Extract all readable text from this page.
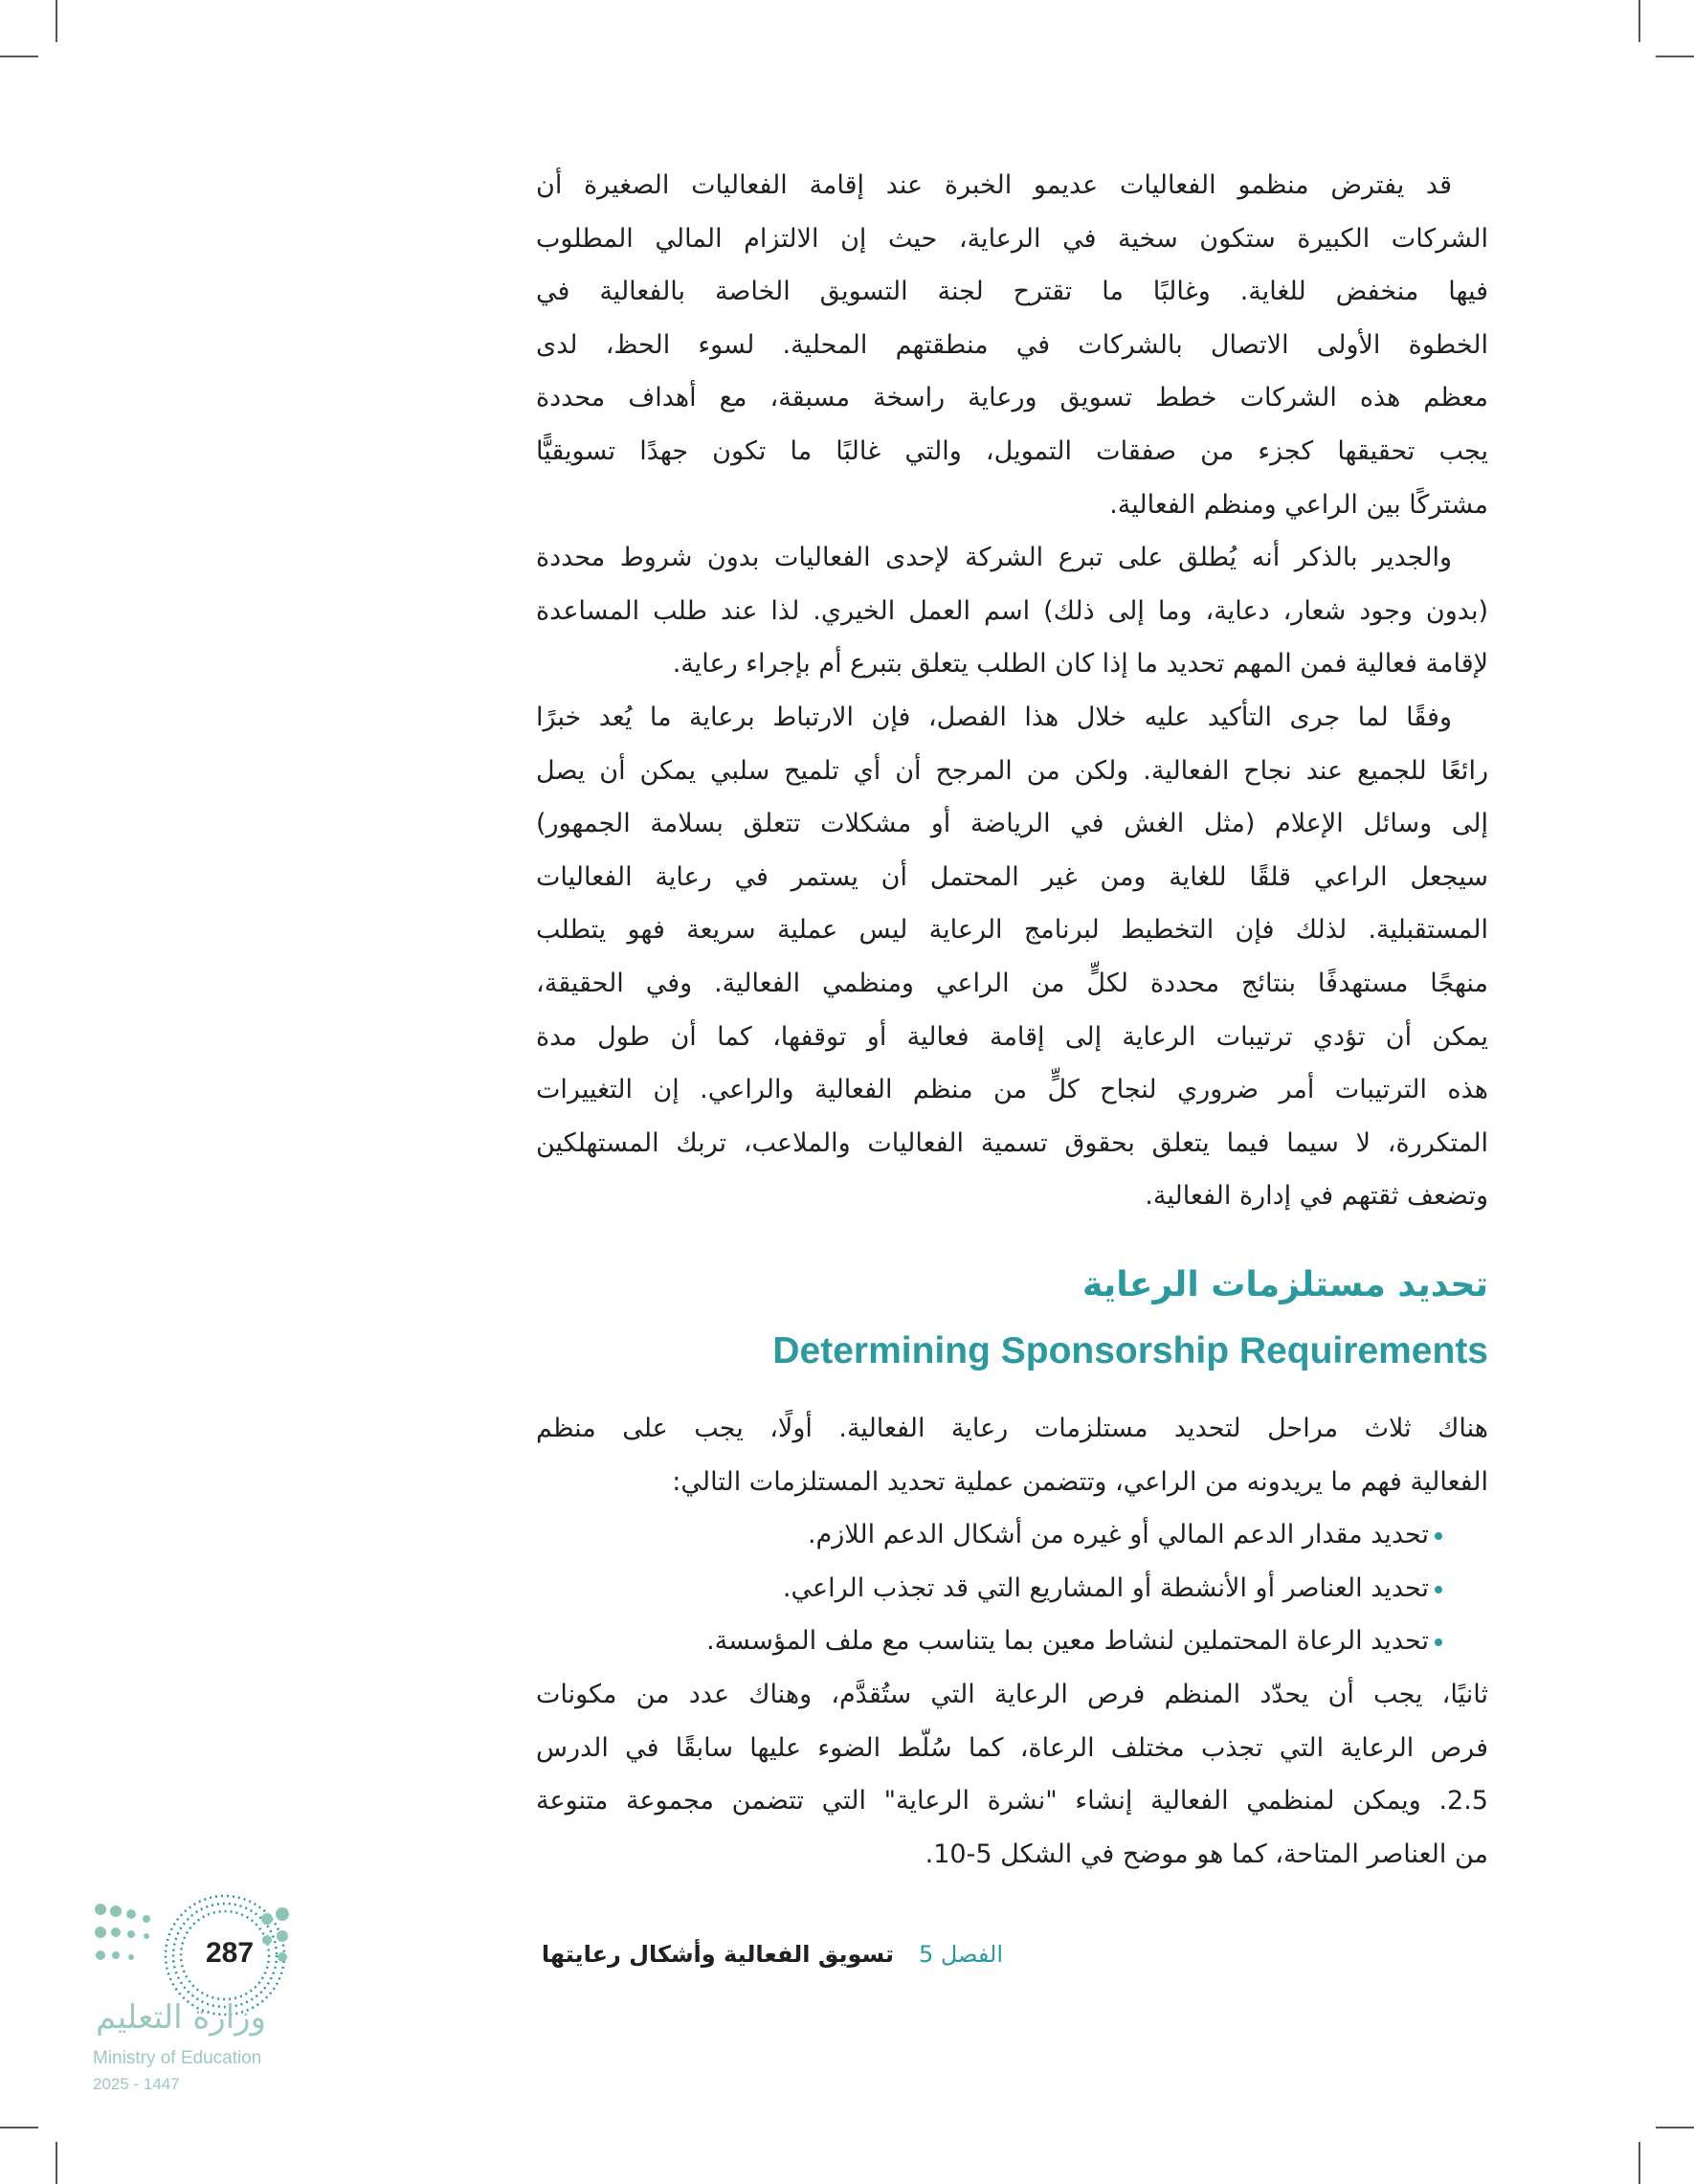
قد يفترض منظمو الفعاليات عديمو الخبرة عند إقامة الفعاليات الصغيرة أن
الشركات الكبيرة ستكون سخية في الرعاية، حيث إن الالتزام المالي المطلوب
فيها منخفض للغاية. وغالبًا ما تقترح لجنة التسويق الخاصة بالفعالية في
الخطوة الأولى الاتصال بالشركات في منطقتهم المحلية. لسوء الحظ، لدى
معظم هذه الشركات خطط تسويق ورعاية راسخة مسبقة، مع أهداف محددة
يجب تحقيقها كجزء من صفقات التمويل، والتي غالبًا ما تكون جهدًا تسويقيًّا
مشتركًا بين الراعي ومنظم الفعالية.
والجدير بالذكر أنه يُطلق على تبرع الشركة لإحدى الفعاليات بدون شروط محددة
(بدون وجود شعار، دعاية، وما إلى ذلك) اسم العمل الخيري. لذا عند طلب المساعدة
لإقامة فعالية فمن المهم تحديد ما إذا كان الطلب يتعلق بتبرع أم بإجراء رعاية.
وفقًا لما جرى التأكيد عليه خلال هذا الفصل، فإن الارتباط برعاية ما يُعد خبرًا
رائعًا للجميع عند نجاح الفعالية. ولكن من المرجح أن أي تلميح سلبي يمكن أن يصل
إلى وسائل الإعلام (مثل الغش في الرياضة أو مشكلات تتعلق بسلامة الجمهور)
سيجعل الراعي قلقًا للغاية ومن غير المحتمل أن يستمر في رعاية الفعاليات
المستقبلية. لذلك فإن التخطيط لبرنامج الرعاية ليس عملية سريعة فهو يتطلب
منهجًا مستهدفًا بنتائج محددة لكلٍّ من الراعي ومنظمي الفعالية. وفي الحقيقة،
يمكن أن تؤدي ترتيبات الرعاية إلى إقامة فعالية أو توقفها، كما أن طول مدة
هذه الترتيبات أمر ضروري لنجاح كلٍّ من منظم الفعالية والراعي. إن التغييرات
المتكررة، لا سيما فيما يتعلق بحقوق تسمية الفعاليات والملاعب، تربك المستهلكين
وتضعف ثقتهم في إدارة الفعالية.
تحديد مستلزمات الرعاية
Determining Sponsorship Requirements
هناك ثلاث مراحل لتحديد مستلزمات رعاية الفعالية. أولًا، يجب على منظم
الفعالية فهم ما يريدونه من الراعي، وتتضمن عملية تحديد المستلزمات التالي:
تحديد مقدار الدعم المالي أو غيره من أشكال الدعم اللازم.
تحديد العناصر أو الأنشطة أو المشاريع التي قد تجذب الراعي.
تحديد الرعاة المحتملين لنشاط معين بما يتناسب مع ملف المؤسسة.
ثانيًا، يجب أن يحدّد المنظم فرص الرعاية التي ستُقدَّم، وهناك عدد من مكونات
فرص الرعاية التي تجذب مختلف الرعاة، كما سُلّط الضوء عليها سابقًا في الدرس
2.5. ويمكن لمنظمي الفعالية إنشاء "نشرة الرعاية" التي تتضمن مجموعة متنوعة
من العناصر المتاحة، كما هو موضح في الشكل 5-10.
الفصل 5تسويق الفعالية وأشكال رعايتها
287
وزارة التعليم
Ministry of Education
2025 - 1447
